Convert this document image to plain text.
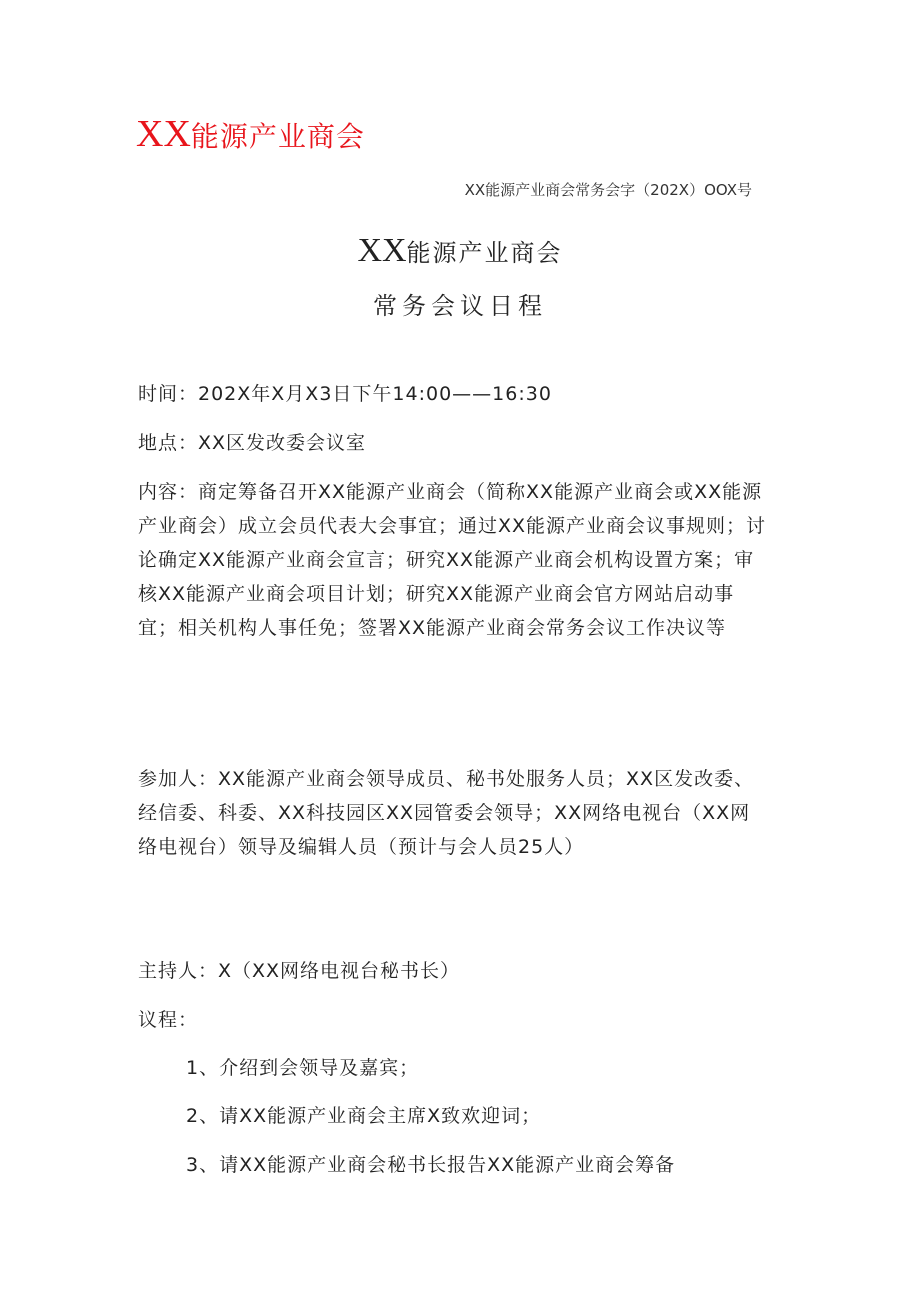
XX能源产业商会
XX能源产业商会常务会字（202X）OOX号
XX能源产业商会
常务会议日程
时间：202X年X月X3日下午14:00——16:30
地点：XX区发改委会议室
内容：商定筹备召开XX能源产业商会（简称XX能源产业商会或XX能源产业商会）成立会员代表大会事宜；通过XX能源产业商会议事规则；讨论确定XX能源产业商会宣言；研究XX能源产业商会机构设置方案；审核XX能源产业商会项目计划；研究XX能源产业商会官方网站启动事宜；相关机构人事任免；签署XX能源产业商会常务会议工作决议等
参加人：XX能源产业商会领导成员、秘书处服务人员；XX区发改委、经信委、科委、XX科技园区XX园管委会领导；XX网络电视台（XX网络电视台）领导及编辑人员（预计与会人员25人）
主持人：X（XX网络电视台秘书长）
议程：
1、介绍到会领导及嘉宾；
2、请XX能源产业商会主席X致欢迎词；
3、请XX能源产业商会秘书长报告XX能源产业商会筹备
